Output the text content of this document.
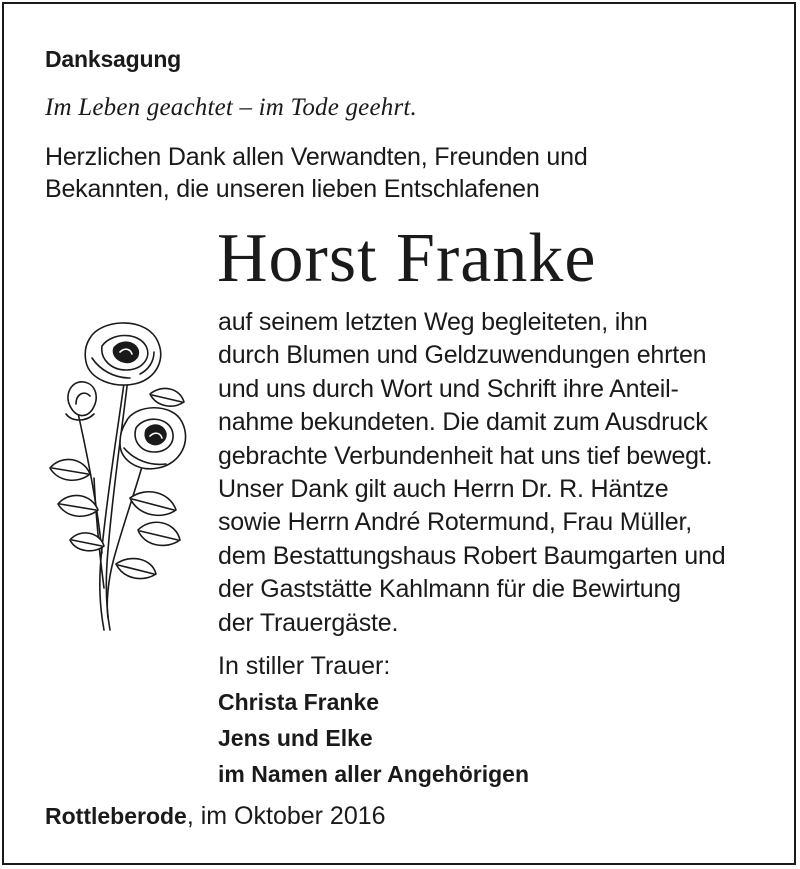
Danksagung
Im Leben geachtet – im Tode geehrt.
Herzlichen Dank allen Verwandten, Freunden und
Bekannten, die unseren lieben Entschlafenen
Horst Franke
auf seinem letzten Weg begleiteten, ihn
durch Blumen und Geldzuwendungen ehrten
und uns durch Wort und Schrift ihre Anteil-
nahme bekundeten. Die damit zum Ausdruck
gebrachte Verbundenheit hat uns tief bewegt.
Unser Dank gilt auch Herrn Dr. R. Häntze
sowie Herrn André Rotermund, Frau Müller,
dem Bestattungshaus Robert Baumgarten und
der Gaststätte Kahlmann für die Bewirtung
der Trauergäste.
In stiller Trauer:
Christa Franke
Jens und Elke
im Namen aller Angehörigen
Rottleberode, im Oktober 2016
